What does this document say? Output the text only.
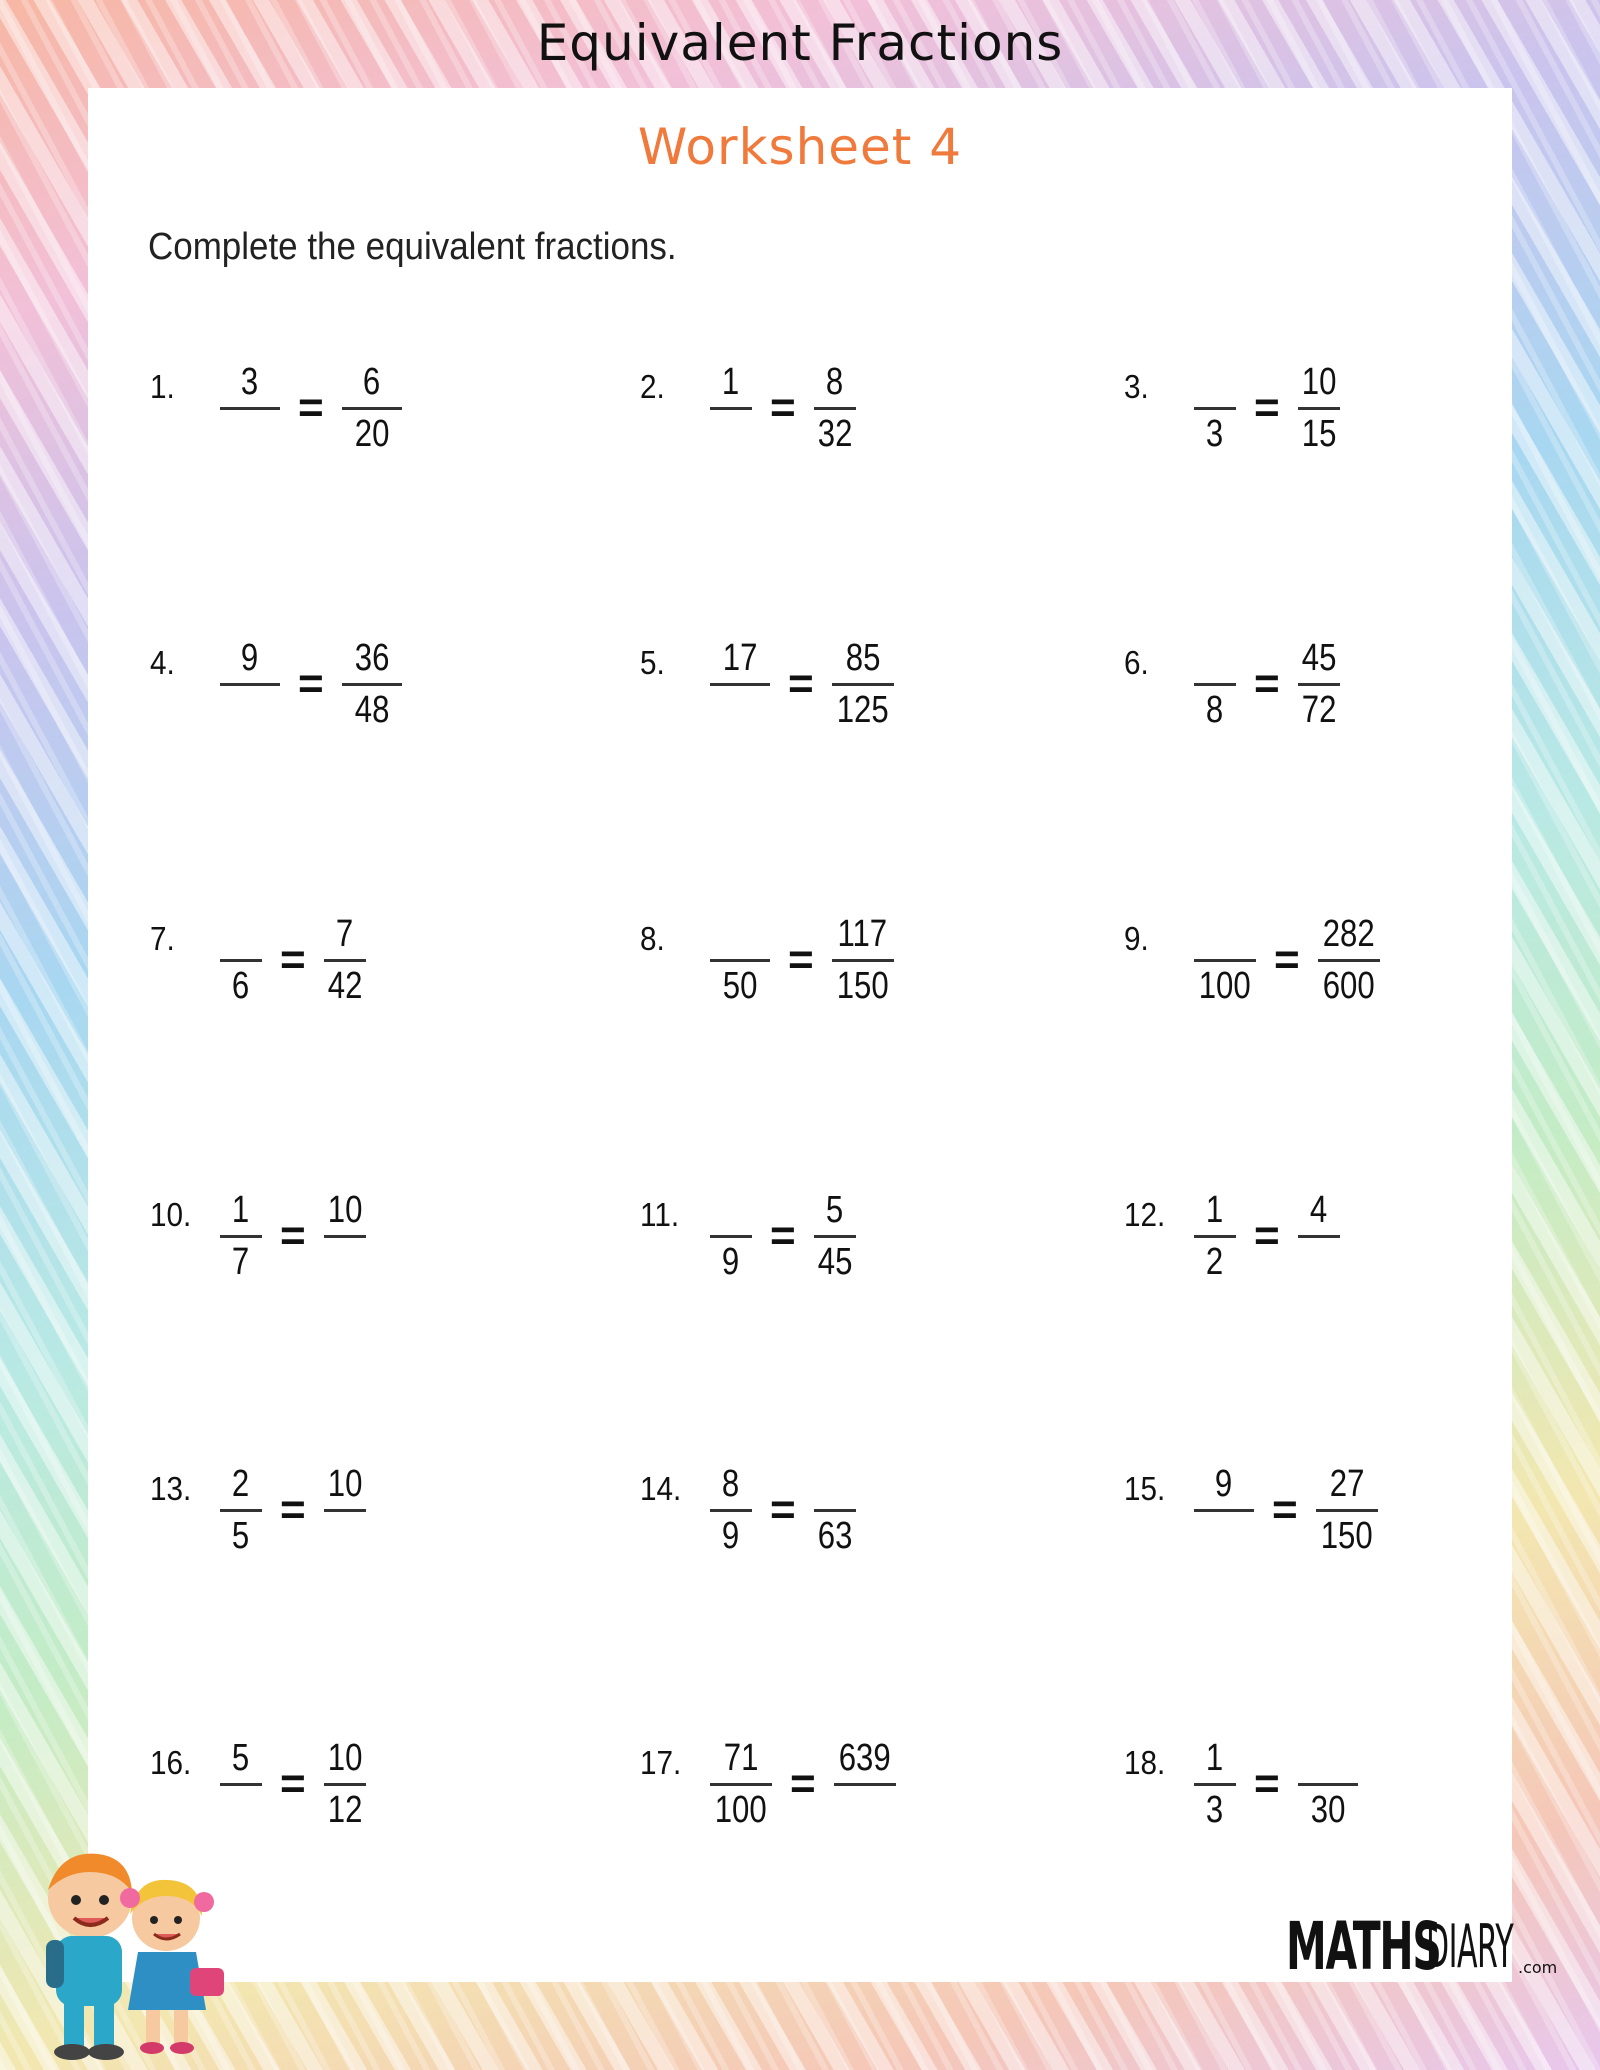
Equivalent Fractions
Worksheet 4
Complete the equivalent fractions.
1.	3
= $\frac{6}{20}$	2.	1
= $\frac{8}{32}$	3.
3
= $\frac{10}{15}$
4.	9
= $\frac{36}{48}$	5.	17
= $\frac{85}{125}$	6.
8
= $\frac{45}{72}$
7.
6
= $\frac{7}{42}$	8.
50
= $\frac{117}{150}$	9.
100
= $\frac{282}{600}$
10. $\frac{1}{7}$ =
10	11.
9
= $\frac{5}{45}$	12. $\frac{1}{2}$ =
4
13. $\frac{2}{5}$ =
10	14. $\frac{8}{9}$ =
63
15.	9
= $\frac{27}{150}$
16.	5
= $\frac{10}{12}$	17. $\frac{71}{100}$ =
639	18. $\frac{1}{3}$ =
30
MATHS
DIARY .com
